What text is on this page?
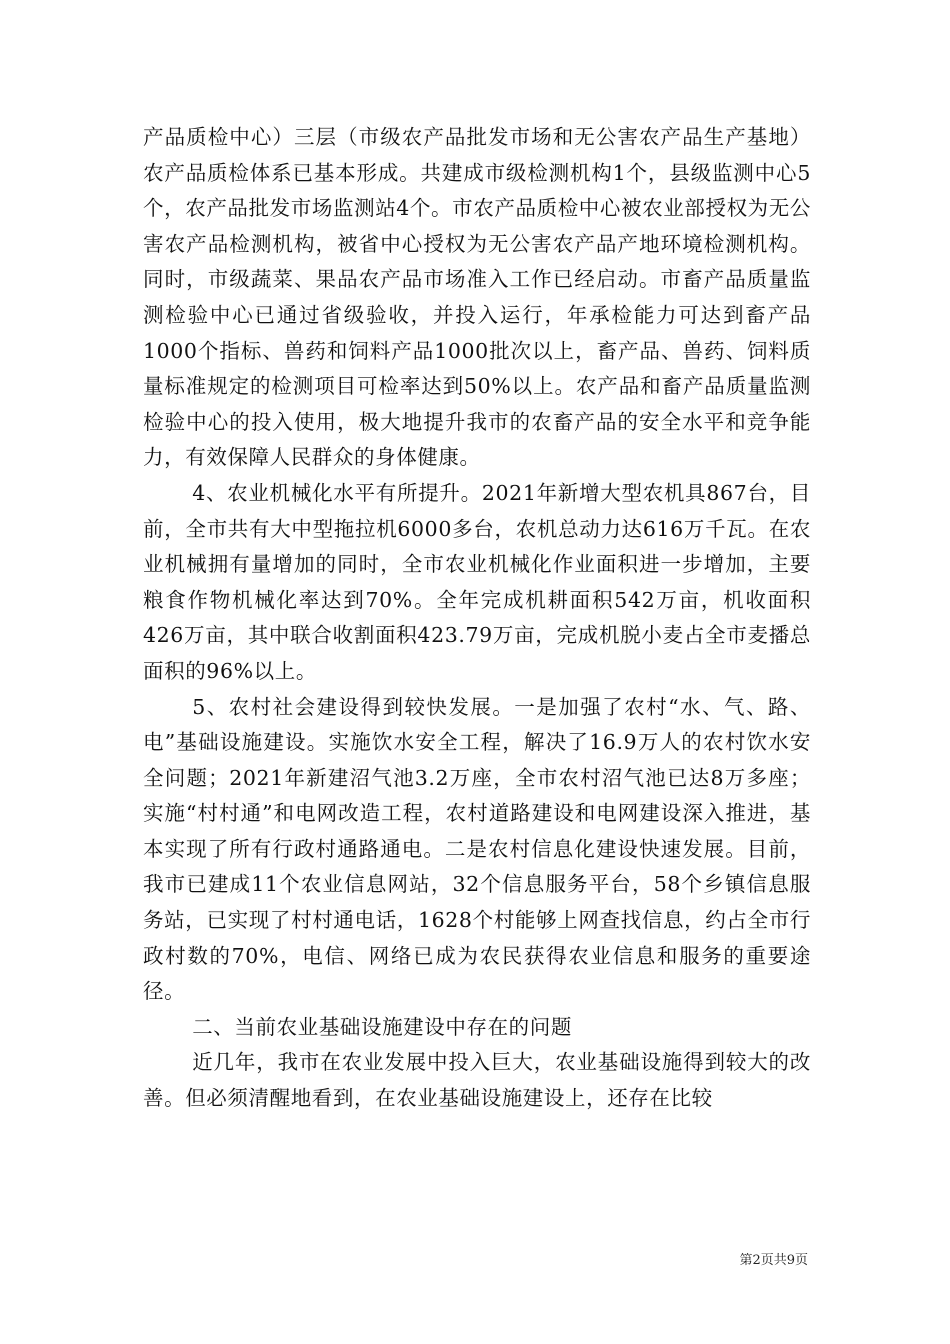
产品质检中心）三层（市级农产品批发市场和无公害农产品生产基地）农产品质检体系已基本形成。共建成市级检测机构1个，县级监测中心5个，农产品批发市场监测站4个。市农产品质检中心被农业部授权为无公害农产品检测机构，被省中心授权为无公害农产品产地环境检测机构。同时，市级蔬菜、果品农产品市场准入工作已经启动。市畜产品质量监测检验中心已通过省级验收，并投入运行，年承检能力可达到畜产品1000个指标、兽药和饲料产品1000批次以上，畜产品、兽药、饲料质量标准规定的检测项目可检率达到50%以上。农产品和畜产品质量监测检验中心的投入使用，极大地提升我市的农畜产品的安全水平和竞争能力，有效保障人民群众的身体健康。

4、农业机械化水平有所提升。2021年新增大型农机具867台，目前，全市共有大中型拖拉机6000多台，农机总动力达616万千瓦。在农业机械拥有量增加的同时，全市农业机械化作业面积进一步增加，主要粮食作物机械化率达到70%。全年完成机耕面积542万亩，机收面积426万亩，其中联合收割面积423.79万亩，完成机脱小麦占全市麦播总面积的96%以上。

5、农村社会建设得到较快发展。一是加强了农村“水、气、路、电”基础设施建设。实施饮水安全工程，解决了16.9万人的农村饮水安全问题；2021年新建沼气池3.2万座，全市农村沼气池已达8万多座；实施“村村通”和电网改造工程，农村道路建设和电网建设深入推进，基本实现了所有行政村通路通电。二是农村信息化建设快速发展。目前，我市已建成11个农业信息网站，32个信息服务平台，58个乡镇信息服务站，已实现了村村通电话，1628个村能够上网查找信息，约占全市行政村数的70%，电信、网络已成为农民获得农业信息和服务的重要途径。

二、当前农业基础设施建设中存在的问题

近几年，我市在农业发展中投入巨大，农业基础设施得到较大的改善。但必须清醒地看到，在农业基础设施建设上，还存在比较

第2页共9页
